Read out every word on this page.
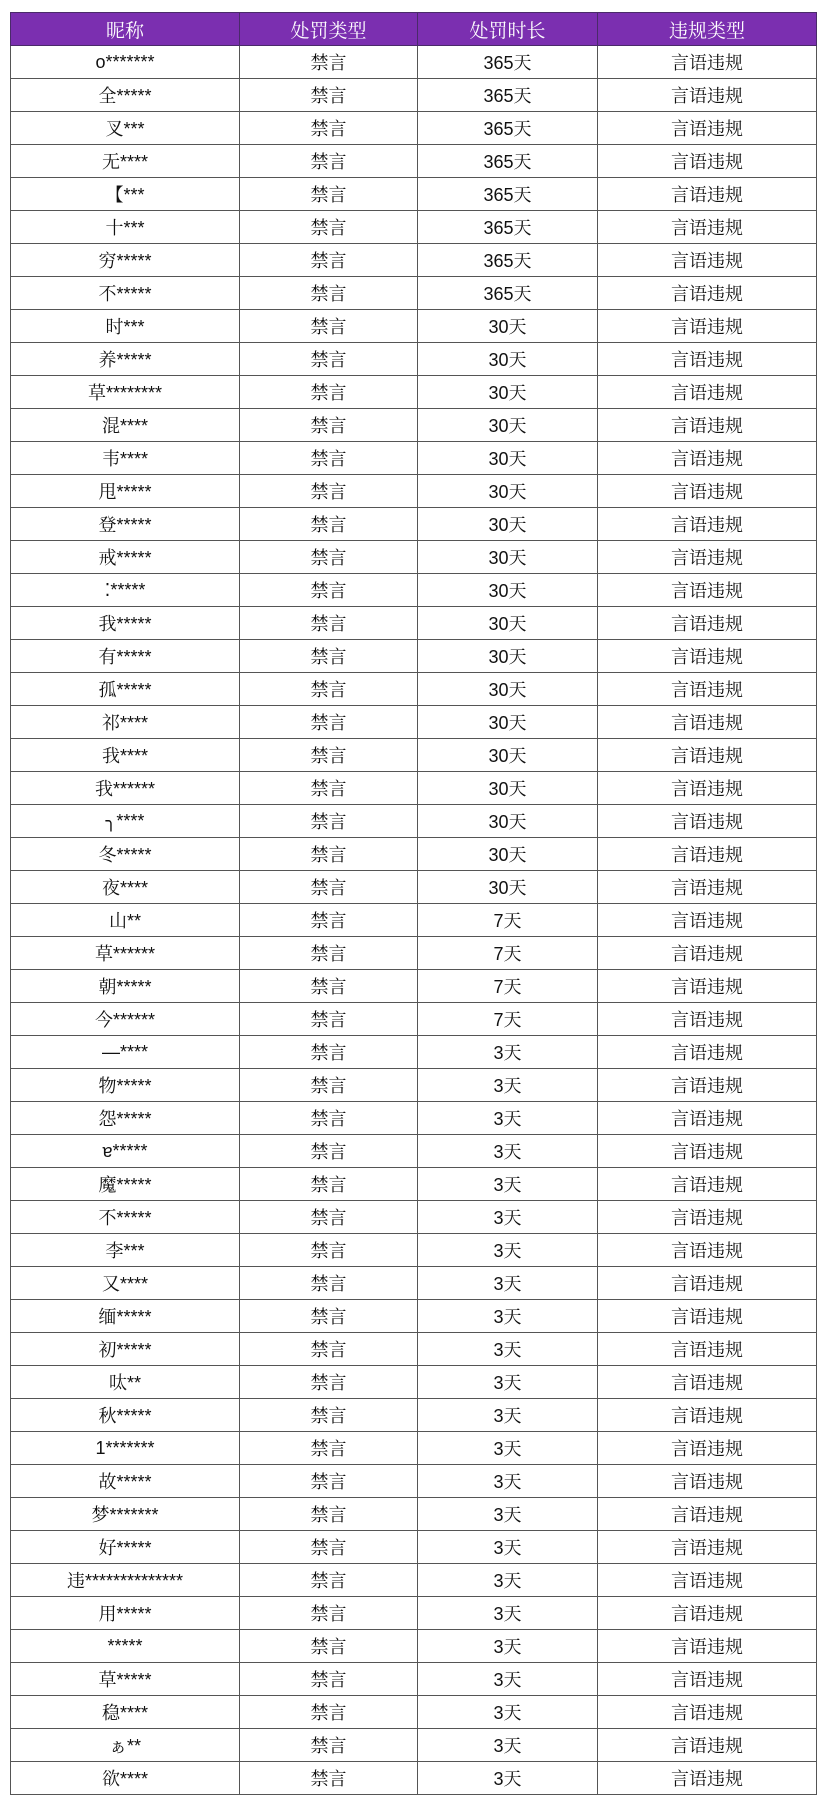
昵称	处罚类型	处罚时长	违规类型
o*******	禁言	365天	言语违规
全*****	禁言	365天	言语违规
叉***	禁言	365天	言语违规
无****	禁言	365天	言语违规
【***	禁言	365天	言语违规
十***	禁言	365天	言语违规
穷*****	禁言	365天	言语违规
不*****	禁言	365天	言语违规
时***	禁言	30天	言语违规
养*****	禁言	30天	言语违规
草********	禁言	30天	言语违规
混****	禁言	30天	言语违规
韦****	禁言	30天	言语违规
甩*****	禁言	30天	言语违规
登*****	禁言	30天	言语违规
戒*****	禁言	30天	言语违规
⁚*****	禁言	30天	言语违规
我*****	禁言	30天	言语违规
有*****	禁言	30天	言语违规
孤*****	禁言	30天	言语违规
祁****	禁言	30天	言语违规
我****	禁言	30天	言语违规
我******	禁言	30天	言语违规
╮****	禁言	30天	言语违规
冬*****	禁言	30天	言语违规
夜****	禁言	30天	言语违规
山**	禁言	7天	言语违规
草******	禁言	7天	言语违规
朝*****	禁言	7天	言语违规
今******	禁言	7天	言语违规
—****	禁言	3天	言语违规
物*****	禁言	3天	言语违规
怨*****	禁言	3天	言语违规
ɐ*****	禁言	3天	言语违规
魔*****	禁言	3天	言语违规
不*****	禁言	3天	言语违规
李***	禁言	3天	言语违规
又****	禁言	3天	言语违规
缅*****	禁言	3天	言语违规
初*****	禁言	3天	言语违规
呔**	禁言	3天	言语违规
秋*****	禁言	3天	言语违规
1*******	禁言	3天	言语违规
故*****	禁言	3天	言语违规
梦*******	禁言	3天	言语违规
好*****	禁言	3天	言语违规
违**************	禁言	3天	言语违规
用*****	禁言	3天	言语违规
*****	禁言	3天	言语违规
草*****	禁言	3天	言语违规
稳****	禁言	3天	言语违规
ぁ**	禁言	3天	言语违规
欲****	禁言	3天	言语违规
